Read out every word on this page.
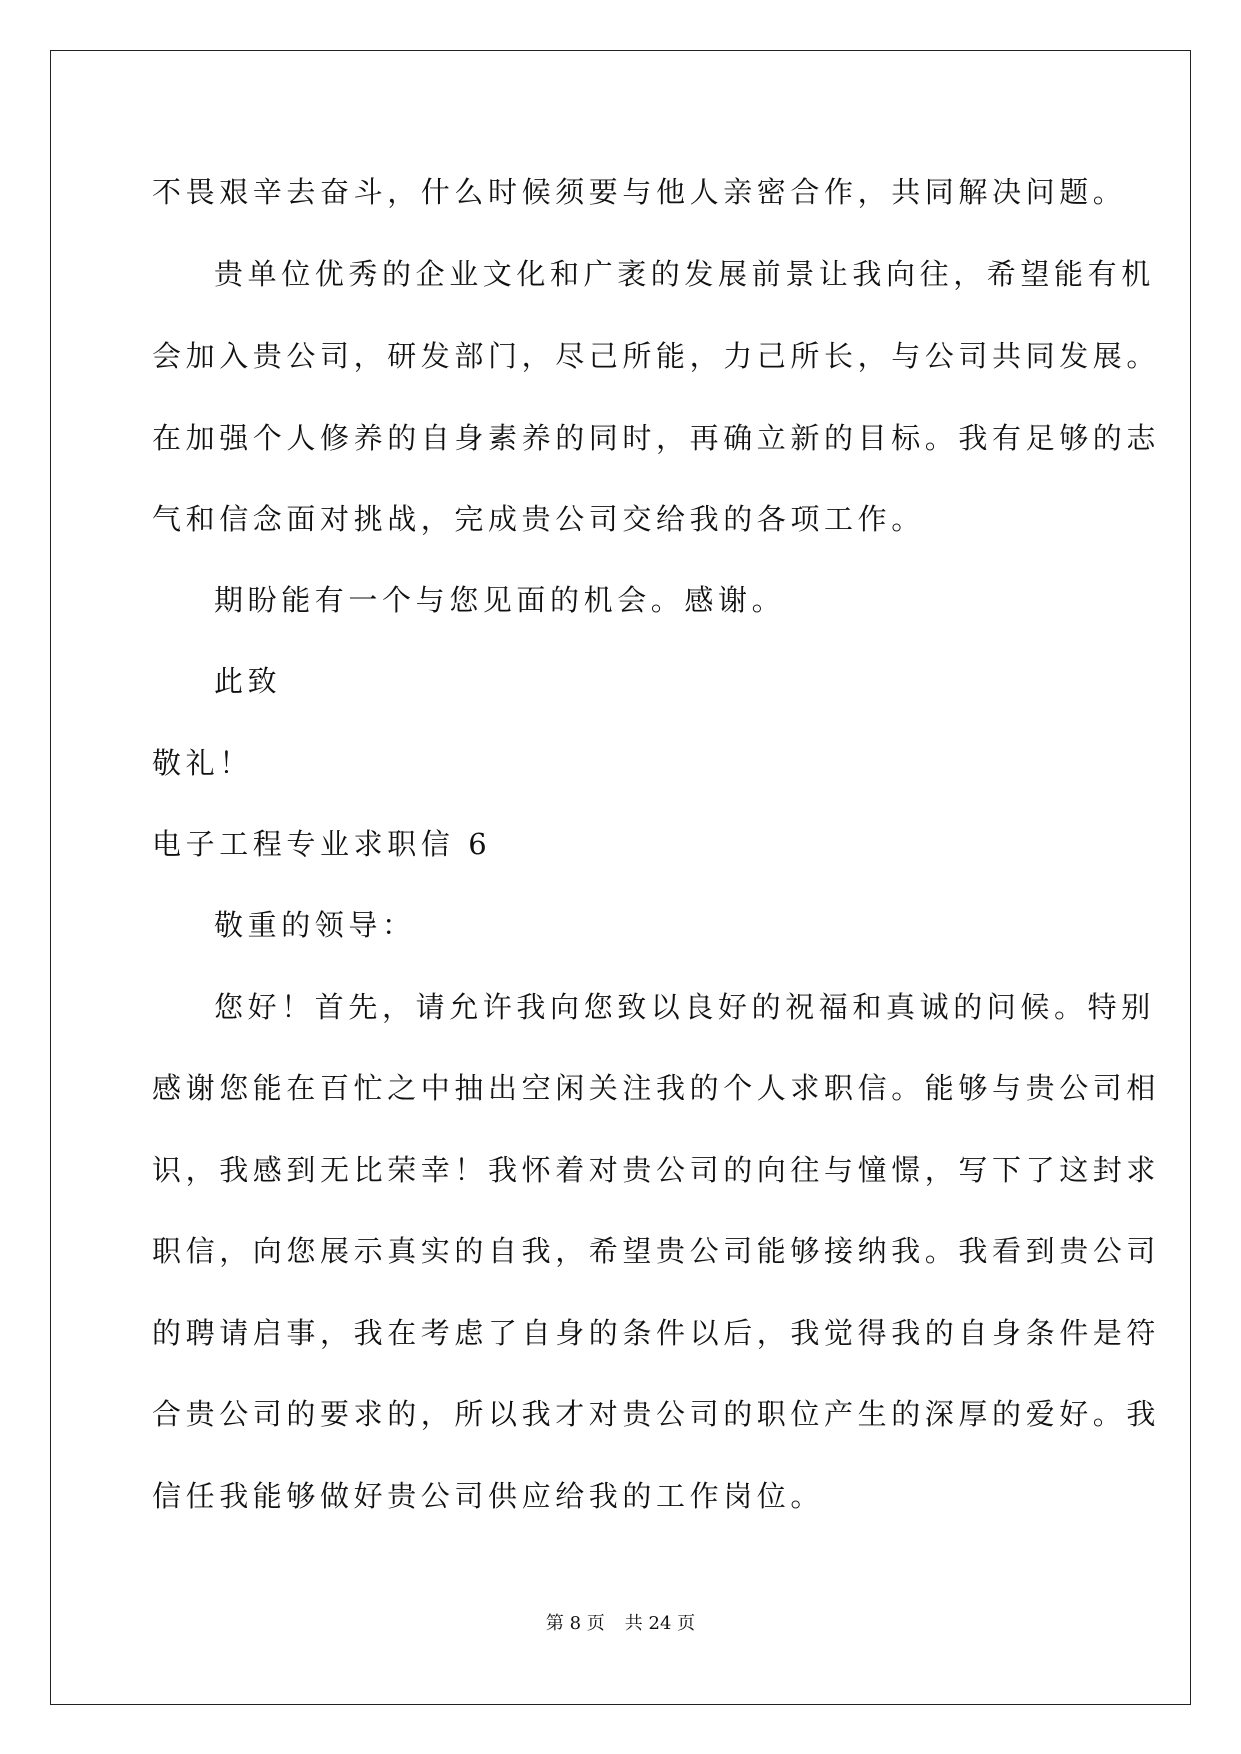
不畏艰辛去奋斗，什么时候须要与他人亲密合作，共同解决问题。
贵单位优秀的企业文化和广袤的发展前景让我向往，希望能有机
会加入贵公司，研发部门，尽己所能，力己所长，与公司共同发展。
在加强个人修养的自身素养的同时，再确立新的目标。我有足够的志
气和信念面对挑战，完成贵公司交给我的各项工作。
期盼能有一个与您见面的机会。感谢。
此致
敬礼！
电子工程专业求职信 6
敬重的领导：
您好！首先，请允许我向您致以良好的祝福和真诚的问候。特别
感谢您能在百忙之中抽出空闲关注我的个人求职信。能够与贵公司相
识，我感到无比荣幸！我怀着对贵公司的向往与憧憬，写下了这封求
职信，向您展示真实的自我，希望贵公司能够接纳我。我看到贵公司
的聘请启事，我在考虑了自身的条件以后，我觉得我的自身条件是符
合贵公司的要求的，所以我才对贵公司的职位产生的深厚的爱好。我
信任我能够做好贵公司供应给我的工作岗位。
第 8 页 共 24 页
